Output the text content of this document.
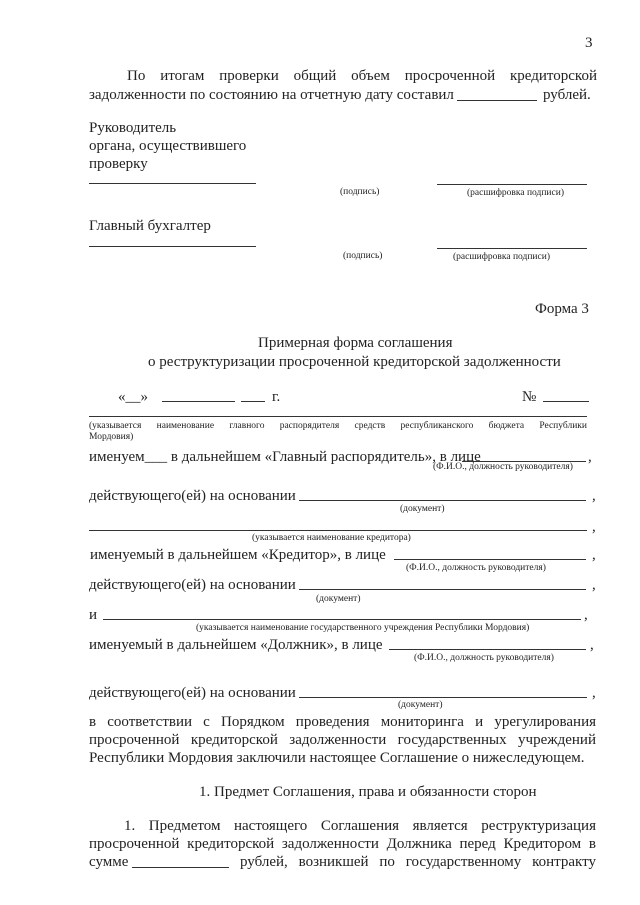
3
По итогам проверки общий объем просроченной кредиторской
задолженности по состоянию на отчетную дату составил	рублей.
Руководитель
органа, осуществившего
проверку
(подпись)	(расшифровка подписи)
Главный бухгалтер
(подпись)	(расшифровка подписи)
Форма 3
Примерная форма соглашения
о реструктуризации просроченной кредиторской задолженности
«__»	г.	№
(указывается наименование главного распорядителя средств республиканского бюджета Республики
Мордовия)
именуем___ в дальнейшем «Главный распорядитель», в лице	,
(Ф.И.О., должность руководителя)
действующего(ей) на основании	,
(документ)
,
(указывается наименование кредитора)
именуемый в дальнейшем «Кредитор», в лице	,
(Ф.И.О., должность руководителя)
действующего(ей) на основании	,
(документ)
и	,
(указывается наименование государственного учреждения Республики Мордовия)
именуемый в дальнейшем «Должник», в лице	,
(Ф.И.О., должность руководителя)
действующего(ей) на основании	,
(документ)
в соответствии с Порядком проведения мониторинга и урегулирования
просроченной кредиторской задолженности государственных учреждений
Республики Мордовия заключили настоящее Соглашение о нижеследующем.
1. Предмет Соглашения, права и обязанности сторон
1. Предметом настоящего Соглашения является реструктуризация
просроченной кредиторской задолженности Должника перед Кредитором в
сумме	рублей, возникшей по государственному контракту
